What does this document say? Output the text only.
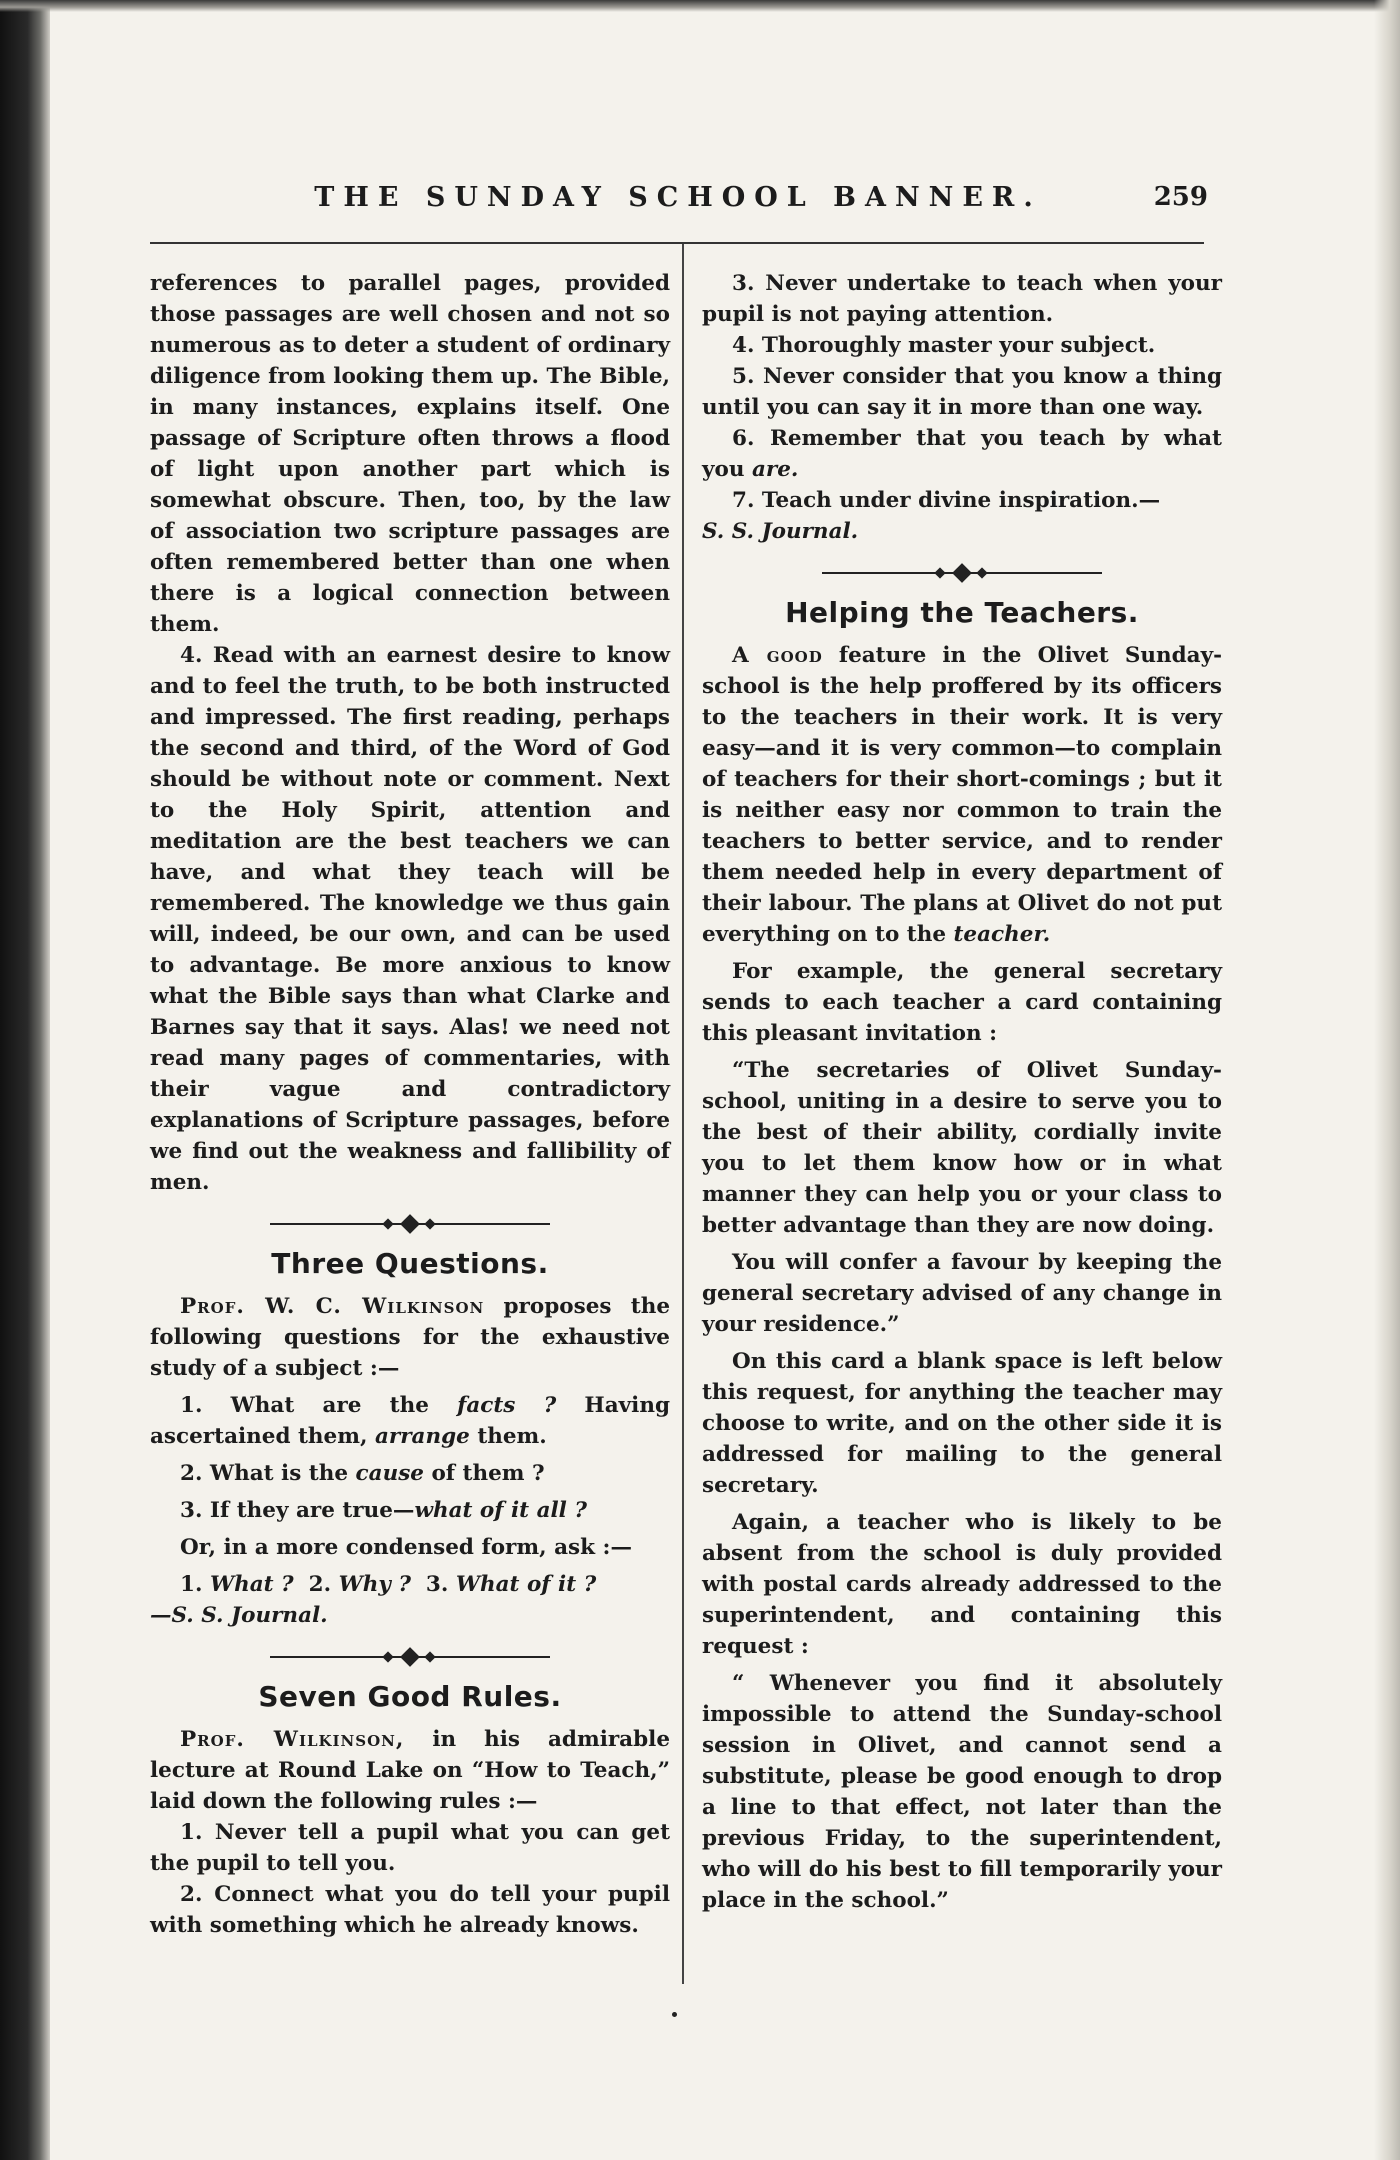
THE SUNDAY SCHOOL BANNER.	259

references to parallel pages, provided those passages are well chosen and not so numerous as to deter a student of ordinary diligence from looking them up. The Bible, in many instances, explains itself. One passage of Scripture often throws a flood of light upon another part which is somewhat obscure. Then, too, by the law of association two scripture passages are often remembered better than one when there is a logical connection between them.

4. Read with an earnest desire to know and to feel the truth, to be both instructed and impressed. The first reading, perhaps the second and third, of the Word of God should be without note or comment. Next to the Holy Spirit, attention and meditation are the best teachers we can have, and what they teach will be remembered. The knowledge we thus gain will, indeed, be our own, and can be used to advantage. Be more anxious to know what the Bible says than what Clarke and Barnes say that it says. Alas! we need not read many pages of commentaries, with their vague and contradictory explanations of Scripture passages, before we find out the weakness and fallibility of men.

Three Questions.

Prof. W. C. Wilkinson proposes the following questions for the exhaustive study of a subject :—

1. What are the facts ? Having ascertained them, arrange them.

2. What is the cause of them ?

3. If they are true—what of it all ?

Or, in a more condensed form, ask :—

1. What ?  2. Why ?  3. What of it ?

—S. S. Journal.

Seven Good Rules.

Prof. Wilkinson, in his admirable lecture at Round Lake on “How to Teach,” laid down the following rules :—

1. Never tell a pupil what you can get the pupil to tell you.

2. Connect what you do tell your pupil with something which he already knows.

3. Never undertake to teach when your pupil is not paying attention.

4. Thoroughly master your subject.

5. Never consider that you know a thing until you can say it in more than one way.

6. Remember that you teach by what you are.

7. Teach under divine inspiration.—

S. S. Journal.

Helping the Teachers.

A good feature in the Olivet Sunday-school is the help proffered by its officers to the teachers in their work. It is very easy—and it is very common—to complain of teachers for their short-comings ; but it is neither easy nor common to train the teachers to better service, and to render them needed help in every department of their labour. The plans at Olivet do not put everything on to the teacher.

For example, the general secretary sends to each teacher a card containing this pleasant invitation :

“The secretaries of Olivet Sunday-school, uniting in a desire to serve you to the best of their ability, cordially invite you to let them know how or in what manner they can help you or your class to better advantage than they are now doing.

You will confer a favour by keeping the general secretary advised of any change in your residence.”

On this card a blank space is left below this request, for anything the teacher may choose to write, and on the other side it is addressed for mailing to the general secretary.

Again, a teacher who is likely to be absent from the school is duly provided with postal cards already addressed to the superintendent, and containing this request :

“ Whenever you find it absolutely impossible to attend the Sunday-school session in Olivet, and cannot send a substitute, please be good enough to drop a line to that effect, not later than the previous Friday, to the superintendent, who will do his best to fill temporarily your place in the school.”
